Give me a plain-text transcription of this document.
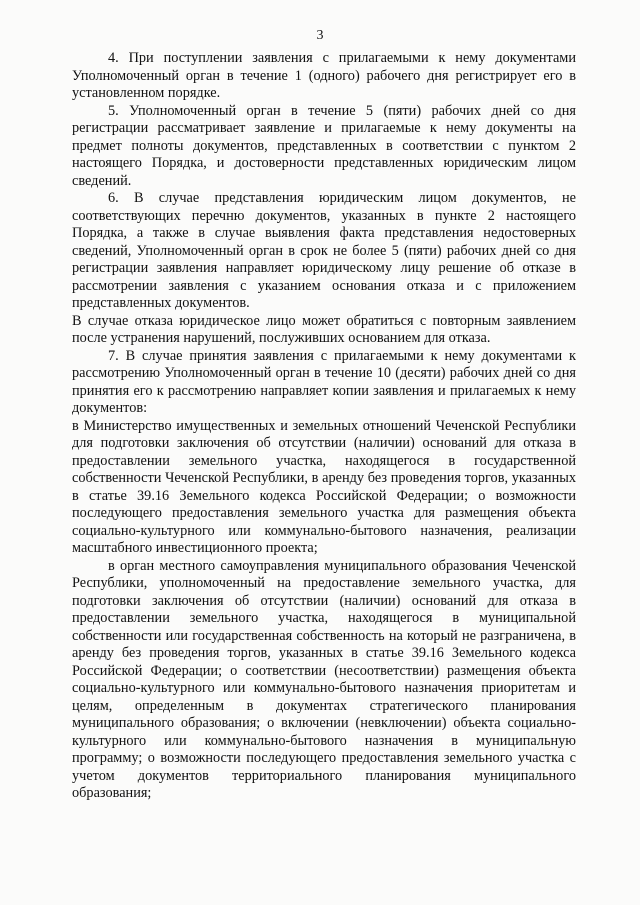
3

4. При поступлении заявления с прилагаемыми к нему документами Уполномоченный орган в течение 1 (одного) рабочего дня регистрирует его в установленном порядке.

5. Уполномоченный орган в течение 5 (пяти) рабочих дней со дня регистрации рассматривает заявление и прилагаемые к нему документы на предмет полноты документов, представленных в соответствии с пунктом 2 настоящего Порядка, и достоверности представленных юридическим лицом сведений.

6. В случае представления юридическим лицом документов, не соответствующих перечню документов, указанных в пункте 2 настоящего Порядка, а также в случае выявления факта представления недостоверных сведений, Уполномоченный орган в срок не более 5 (пяти) рабочих дней со дня регистрации заявления направляет юридическому лицу решение об отказе в рассмотрении заявления с указанием основания отказа и с приложением представленных документов.

В случае отказа юридическое лицо может обратиться с повторным заявлением после устранения нарушений, послуживших основанием для отказа.

7. В случае принятия заявления с прилагаемыми к нему документами к рассмотрению Уполномоченный орган в течение 10 (десяти) рабочих дней со дня принятия его к рассмотрению направляет копии заявления и прилагаемых к нему документов:

в Министерство имущественных и земельных отношений Чеченской Республики для подготовки заключения об отсутствии (наличии) оснований для отказа в предоставлении земельного участка, находящегося в государственной собственности Чеченской Республики, в аренду без проведения торгов, указанных в статье 39.16 Земельного кодекса Российской Федерации; о возможности последующего предоставления земельного участка для размещения объекта социально-культурного или коммунально-бытового назначения, реализации масштабного инвестиционного проекта;

в орган местного самоуправления муниципального образования Чеченской Республики, уполномоченный на предоставление земельного участка, для подготовки заключения об отсутствии (наличии) оснований для отказа в предоставлении земельного участка, находящегося в муниципальной собственности или государственная собственность на который не разграничена, в аренду без проведения торгов, указанных в статье 39.16 Земельного кодекса Российской Федерации; о соответствии (несоответствии) размещения объекта социально-культурного или коммунально-бытового назначения приоритетам и целям, определенным в документах стратегического планирования муниципального образования; о включении (невключении) объекта социально-культурного или коммунально-бытового назначения в муниципальную программу; о возможности последующего предоставления земельного участка с учетом документов территориального планирования муниципального образования;
